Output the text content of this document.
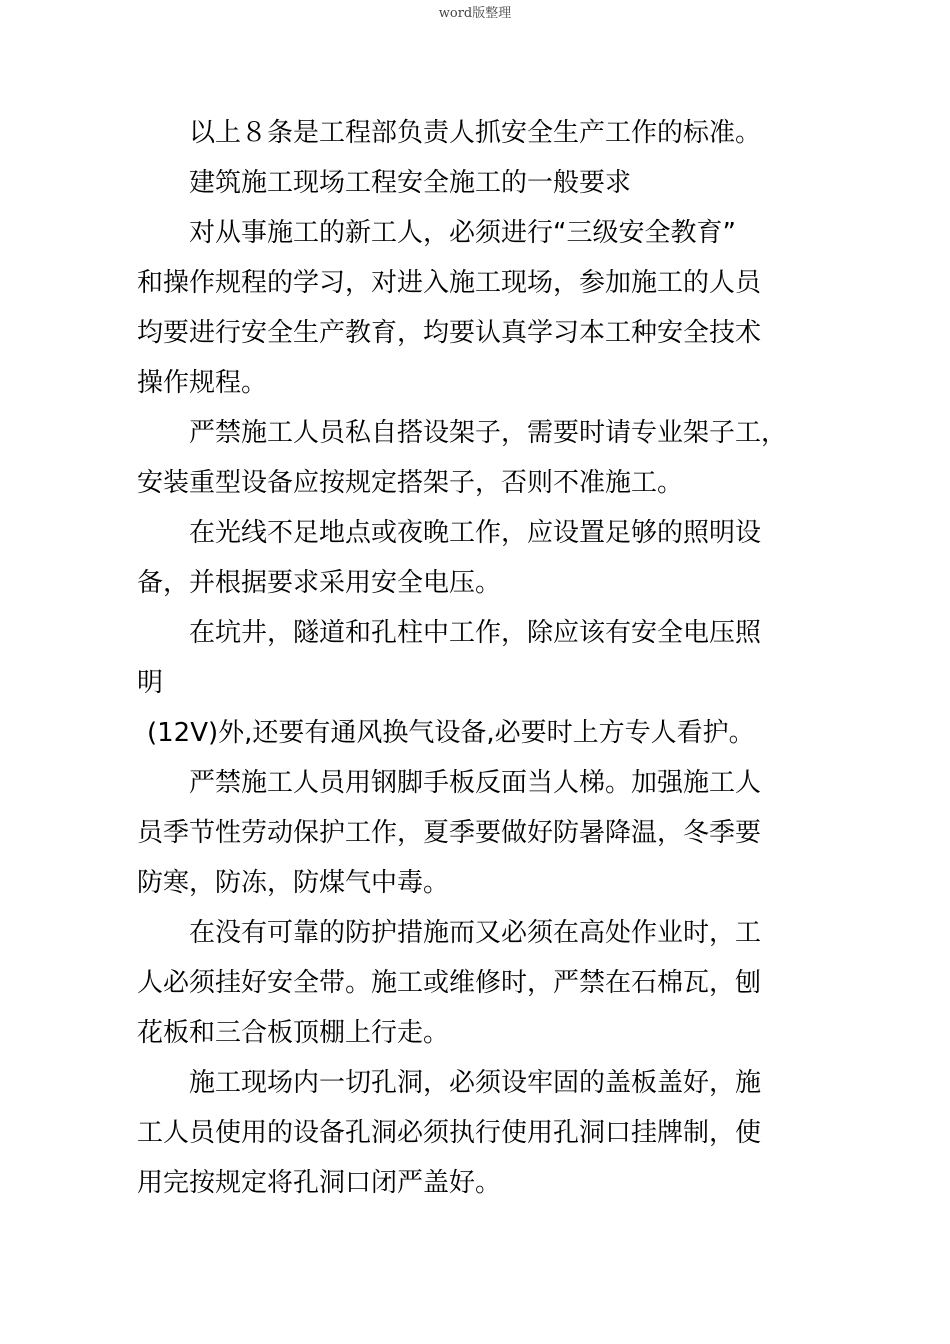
word版整理
以上８条是工程部负责人抓安全生产工作的标准。
建筑施工现场工程安全施工的一般要求
对从事施工的新工人，必须进行“三级安全教育”
和操作规程的学习，对进入施工现场，参加施工的人员
均要进行安全生产教育，均要认真学习本工种安全技术
操作规程。
严禁施工人员私自搭设架子，需要时请专业架子工，
安装重型设备应按规定搭架子，否则不准施工。
在光线不足地点或夜晚工作，应设置足够的照明设
备，并根据要求采用安全电压。
在坑井，隧道和孔柱中工作，除应该有安全电压照
明
(12V)外,还要有通风换气设备,必要时上方专人看护。
严禁施工人员用钢脚手板反面当人梯。加强施工人
员季节性劳动保护工作，夏季要做好防暑降温，冬季要
防寒，防冻，防煤气中毒。
在没有可靠的防护措施而又必须在高处作业时，工
人必须挂好安全带。施工或维修时，严禁在石棉瓦，刨
花板和三合板顶棚上行走。
施工现场内一切孔洞，必须设牢固的盖板盖好，施
工人员使用的设备孔洞必须执行使用孔洞口挂牌制，使
用完按规定将孔洞口闭严盖好。
